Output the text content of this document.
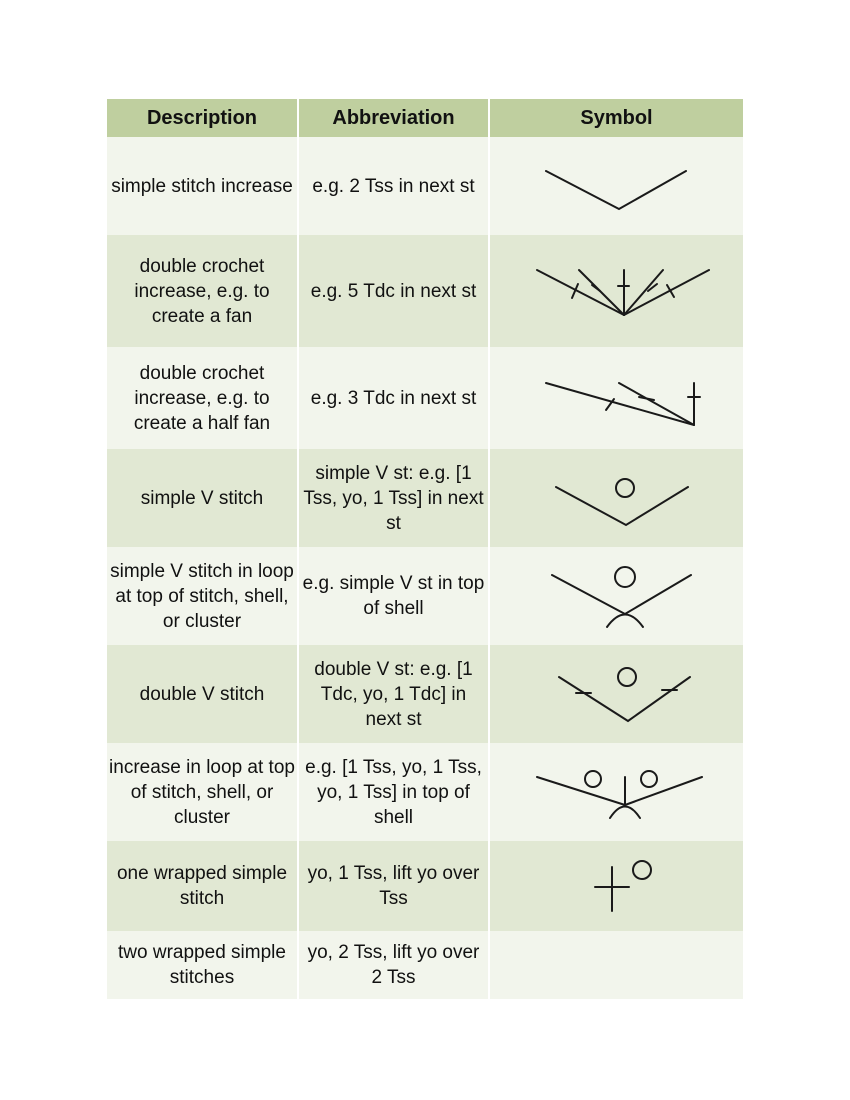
Description	Abbreviation	Symbol
simple stitch increase	e.g. 2 Tss in next st	

double crochet increase, e.g. to create a fan	e.g. 5 Tdc in next st	

double crochet increase, e.g. to create a half fan	e.g. 3 Tdc in next st	

simple V stitch	simple V st: e.g. [1 Tss, yo, 1 Tss] in next st	

simple V stitch in loop at top of stitch, shell, or cluster	e.g. simple V st in top of shell	

double V stitch	double V st: e.g. [1 Tdc, yo, 1 Tdc] in next st	

increase in loop at top of stitch, shell, or cluster	e.g. [1 Tss, yo, 1 Tss, yo, 1 Tss] in top of shell	

one wrapped simple stitch	yo, 1 Tss, lift yo over Tss	

two wrapped simple stitches	yo, 2 Tss, lift yo over 2 Tss	
